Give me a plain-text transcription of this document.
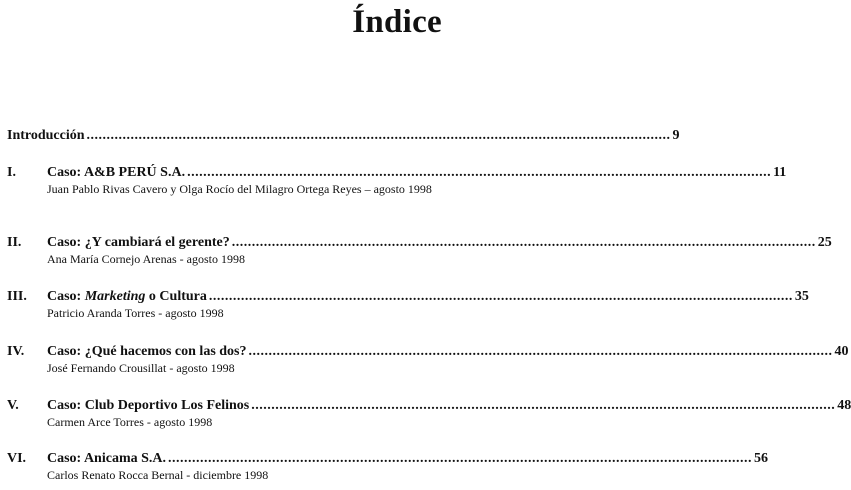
Índice
Introducción .................................................................................................................................................. 9
I.	Caso: A&B PERÚ S.A. .................................................................................................................................................. 11
Juan Pablo Rivas Cavero y Olga Rocío del Milagro Ortega Reyes – agosto 1998
II.	Caso: ¿Y cambiará el gerente? .................................................................................................................................................. 25
Ana María Cornejo Arenas - agosto 1998
III.	Caso: Marketing o Cultura .................................................................................................................................................. 35
Patricio Aranda Torres - agosto 1998
IV.	Caso: ¿Qué hacemos con las dos? .................................................................................................................................................. 40
José Fernando Crousillat - agosto 1998
V.	Caso: Club Deportivo Los Felinos .................................................................................................................................................. 48
Carmen Arce Torres - agosto 1998
VI.	Caso: Anicama S.A. .................................................................................................................................................. 56
Carlos Renato Rocca Bernal - diciembre 1998
